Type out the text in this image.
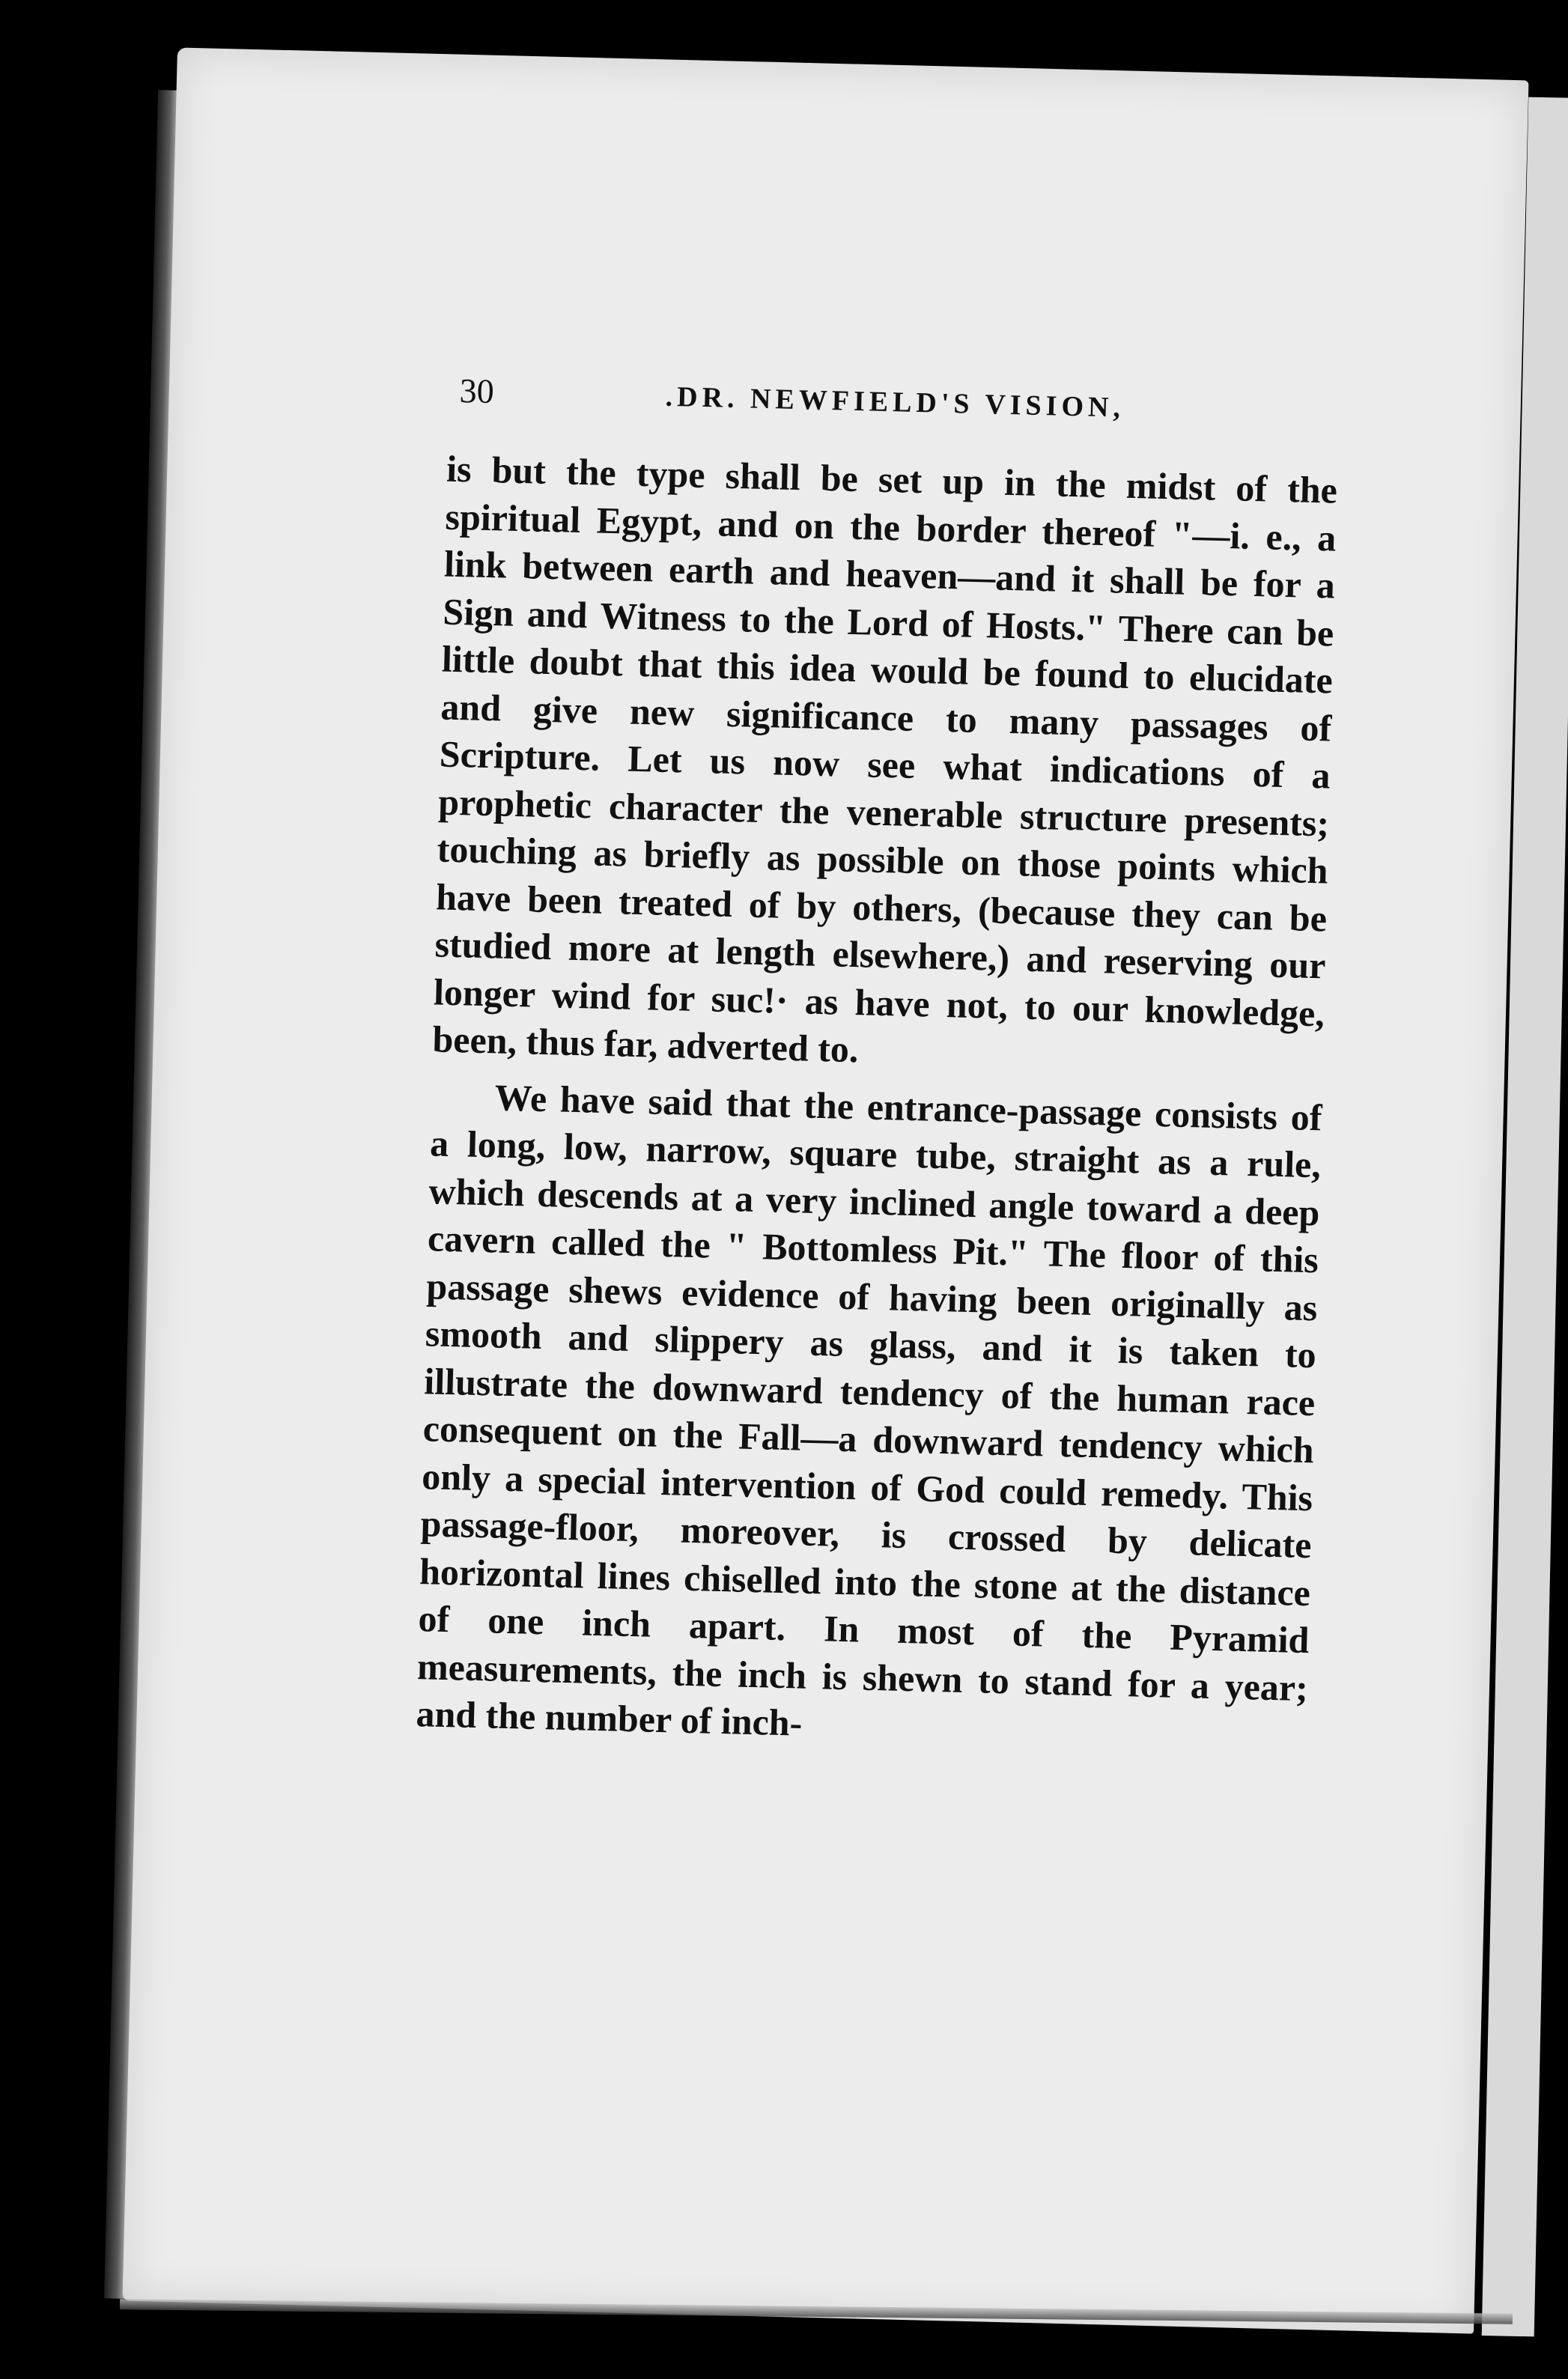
30	.DR. NEWFIELD'S VISION,

is but the type shall be set up in the midst of the spiritual Egypt, and on the border thereof "—i. e., a link between earth and heaven—and it shall be for a Sign and Witness to the Lord of Hosts." There can be little doubt that this idea would be found to elucidate and give new significance to many passages of Scripture. Let us now see what indications of a prophetic character the venerable structure presents; touching as briefly as possible on those points which have been treated of by others, (because they can be studied more at length elsewhere,) and reserving our longer wind for suc!· as have not, to our knowledge, been, thus far, adverted to.

We have said that the entrance-passage consists of a long, low, narrow, square tube, straight as a rule, which descends at a very inclined angle toward a deep cavern called the " Bottomless Pit." The floor of this passage shews evidence of having been originally as smooth and slippery as glass, and it is taken to illustrate the downward tendency of the human race consequent on the Fall—a downward tendency which only a special intervention of God could remedy. This passage-floor, moreover, is crossed by delicate horizontal lines chiselled into the stone at the distance of one inch apart. In most of the Pyramid measurements, the inch is shewn to stand for a year; and the number of inch-
